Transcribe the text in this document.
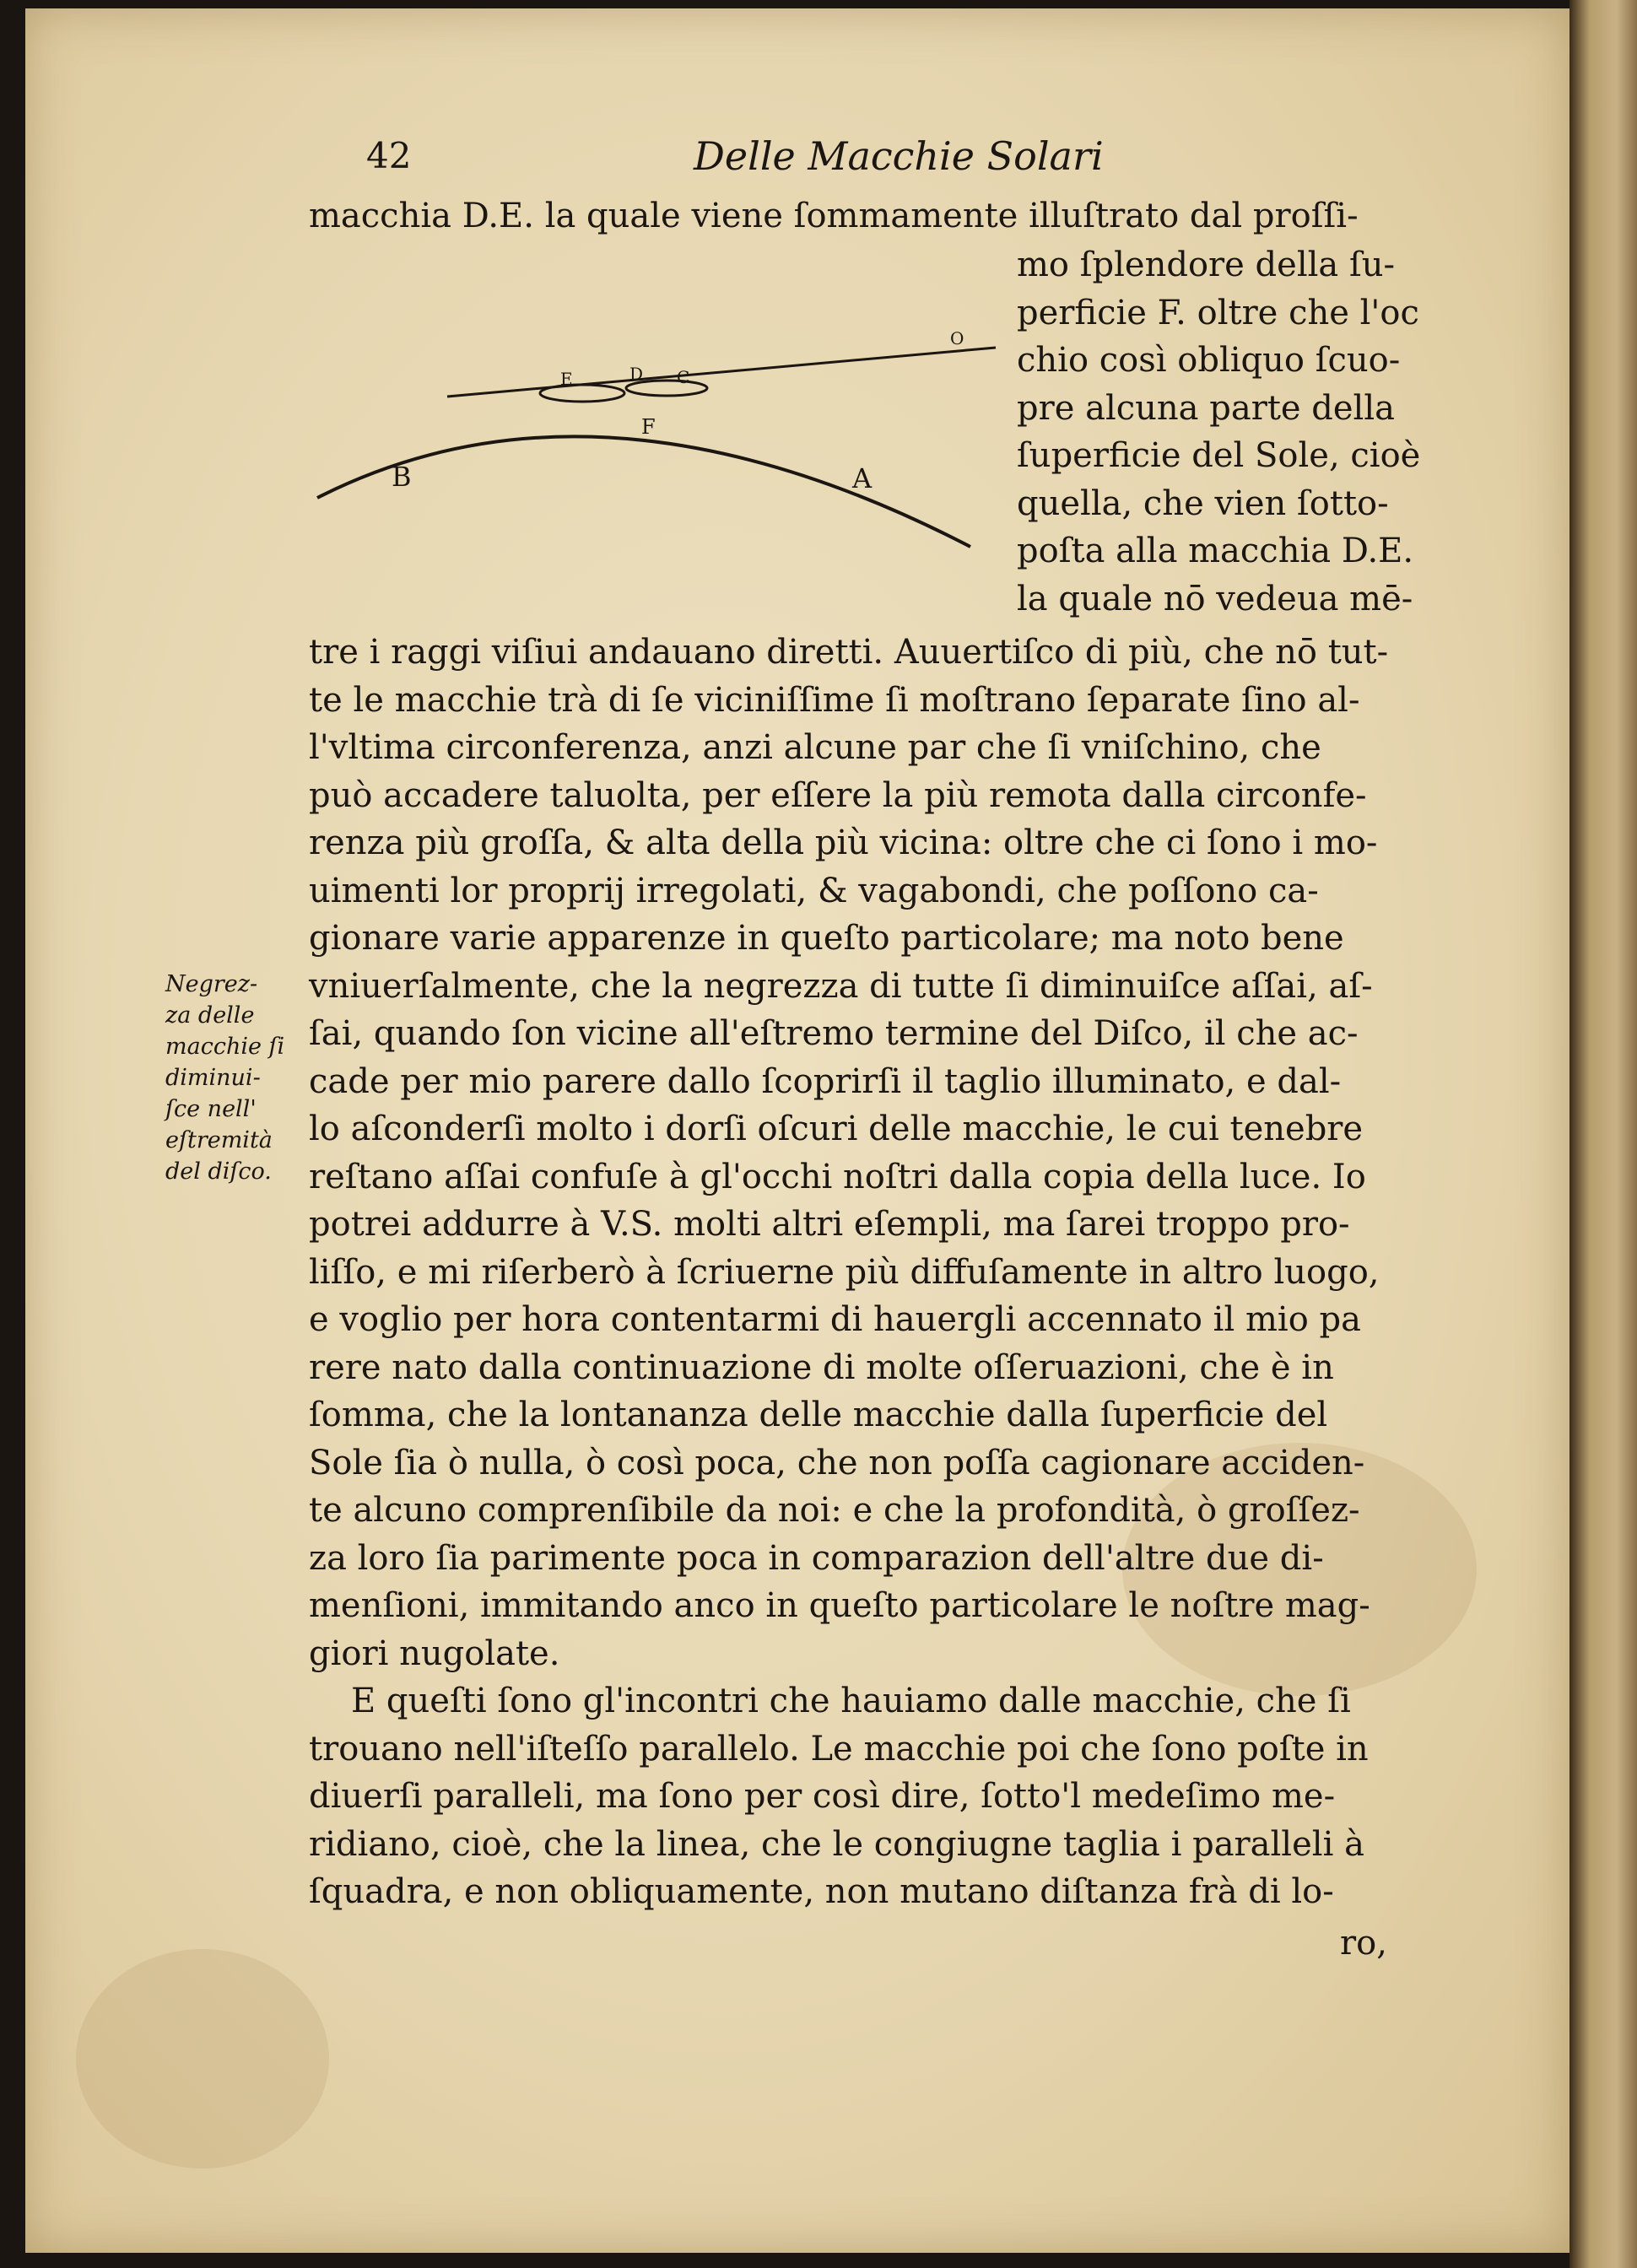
42	Delle Macchie Solari
macchia D.E. la quale viene ſommamente illuſtrato dal proſſi-
O
E	D C
F
B	A
mo ſplendore della ſu-
perficie F. oltre che l'oc
chio così obliquo ſcuo-
pre alcuna parte della
ſuperficie del Sole, cioè
quella, che vien ſotto-
poſta alla macchia D.E.
la quale nō vedeua mē-
Negrez-
za delle
macchie ſi
diminui-
ſce nell'
eſtremità
del diſco.
tre i raggi viſiui andauano diretti. Auuertiſco di più, che nō tut-
te le macchie trà di ſe viciniſſime ſi moſtrano ſeparate ſino al-
l'vltima circonferenza, anzi alcune par che ſi vniſchino, che
può accadere taluolta, per eſſere la più remota dalla circonfe-
renza più groſſa, & alta della più vicina: oltre che ci ſono i mo-
uimenti lor proprij irregolati, & vagabondi, che poſſono ca-
gionare varie apparenze in queſto particolare; ma noto bene
vniuerſalmente, che la negrezza di tutte ſi diminuiſce aſſai, aſ-
ſai, quando ſon vicine all'eſtremo termine del Diſco, il che ac-
cade per mio parere dallo ſcoprirſi il taglio illuminato, e dal-
lo aſconderſi molto i dorſi oſcuri delle macchie, le cui tenebre
reſtano aſſai confuſe à gl'occhi noſtri dalla copia della luce. Io
potrei addurre à V.S. molti altri eſempli, ma ſarei troppo pro-
liſſo, e mi riſerberò à ſcriuerne più diffuſamente in altro luogo,
e voglio per hora contentarmi di hauergli accennato il mio pa
rere nato dalla continuazione di molte oſſeruazioni, che è in
ſomma, che la lontananza delle macchie dalla ſuperficie del
Sole ſia ò nulla, ò così poca, che non poſſa cagionare acciden-
te alcuno comprenſibile da noi: e che la profondità, ò groſſez-
za loro ſia parimente poca in comparazion dell'altre due di-
menſioni, immitando anco in queſto particolare le noſtre mag-
giori nugolate.
E queſti ſono gl'incontri che hauiamo dalle macchie, che ſi
trouano nell'iſteſſo parallelo. Le macchie poi che ſono poſte in
diuerſi paralleli, ma ſono per così dire, ſotto'l medeſimo me-
ridiano, cioè, che la linea, che le congiugne taglia i paralleli à
ſquadra, e non obliquamente, non mutano diſtanza frà di lo-
ro,
